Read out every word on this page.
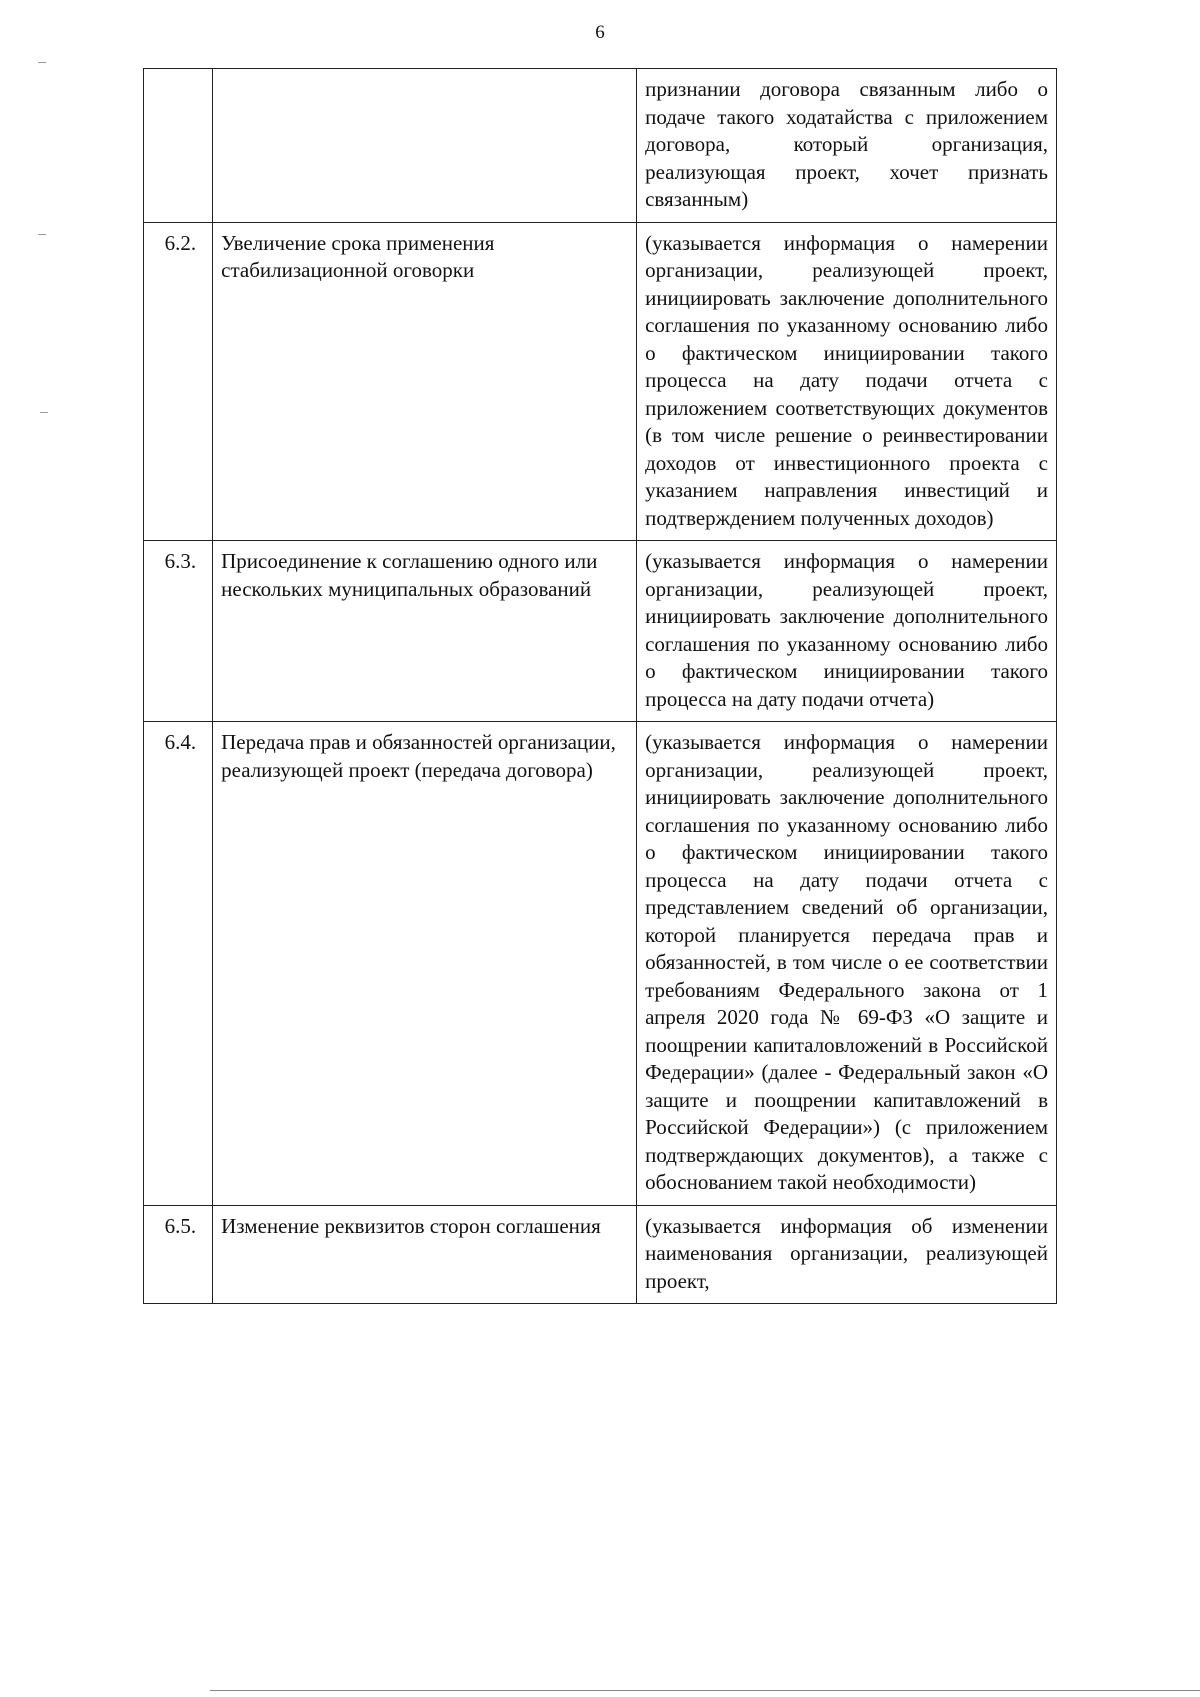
6
		признании договора связанным либо о подаче такого ходатайства с приложением договора, который организация, реализующая проект, хочет признать связанным)
6.2.	Увеличение срока применения стабилизационной оговорки	(указывается информация о намерении организации, реализующей проект, инициировать заключение дополнительного соглашения по указанному основанию либо о фактическом инициировании такого процесса на дату подачи отчета с приложением соответствующих документов (в том числе решение о реинвестировании доходов от инвестиционного проекта с указанием направления инвестиций и подтверждением полученных доходов)
6.3.	Присоединение к соглашению одного или нескольких муниципальных образований	(указывается информация о намерении организации, реализующей проект, инициировать заключение дополнительного соглашения по указанному основанию либо о фактическом инициировании такого процесса на дату подачи отчета)
6.4.	Передача прав и обязанностей организации, реализующей проект (передача договора)	(указывается информация о намерении организации, реализующей проект, инициировать заключение дополнительного соглашения по указанному основанию либо о фактическом инициировании такого процесса на дату подачи отчета с представлением сведений об организации, которой планируется передача прав и обязанностей, в том числе о ее соответствии требованиям Федерального закона от 1 апреля 2020 года № 69-ФЗ «О защите и поощрении капиталовложений в Российской Федерации» (далее - Федеральный закон «О защите и поощрении капитавложений в Российской Федерации») (с приложением подтверждающих документов), а также с обоснованием такой необходимости)
6.5.	Изменение реквизитов сторон соглашения	(указывается информация об изменении наименования организации, реализующей проект,
